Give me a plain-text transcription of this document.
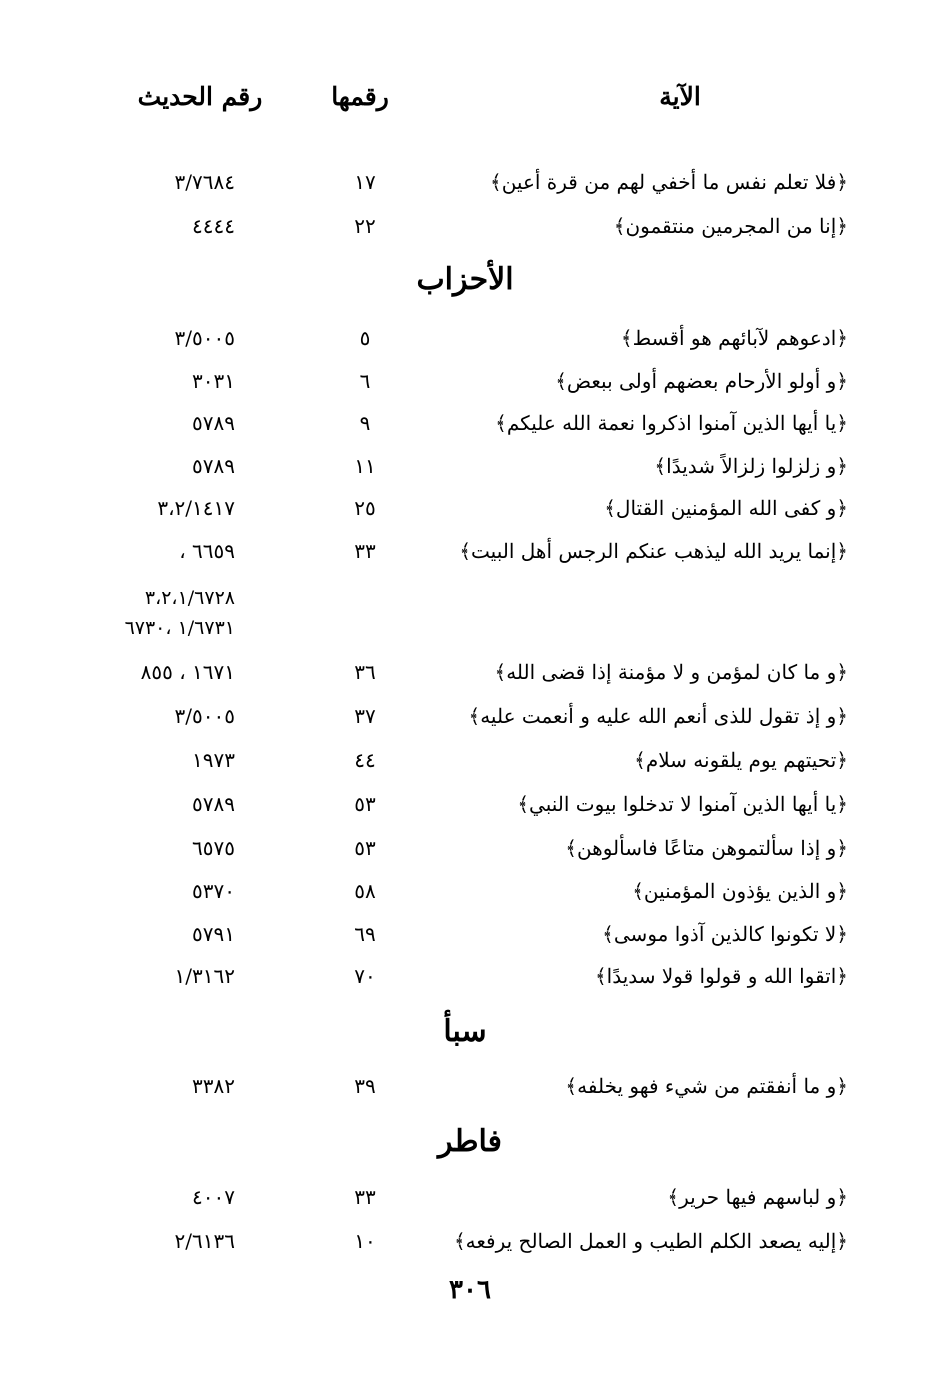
الآية
رقمها
رقم الحديث
﴿فلا تعلم نفس ما أخفي لهم من قرة أعين﴾
١٧
٣/٧٦٨٤
﴿إنا من المجرمين منتقمون﴾
٢٢
٤٤٤٤
الأحزاب
﴿ادعوهم لآبائهم هو أقسط﴾
٥
٣/٥٠٠٥
﴿و أولو الأرحام بعضهم أولى ببعض﴾
٦
٣٠٣١
﴿يا أيها الذين آمنوا اذكروا نعمة الله عليكم﴾
٩
٥٧٨٩
﴿و زلزلوا زلزالاً شديدًا﴾
١١
٥٧٨٩
﴿و كفى الله المؤمنين القتال﴾
٢٥
٣،٢/١٤١٧
﴿إنما يريد الله ليذهب عنكم الرجس أهل البيت﴾
٣٣
، ٦٦٥٩
٣،٢،١/٦٧٢٨
١/٦٧٣١ ،٦٧٣٠
﴿و ما كان لمؤمن و لا مؤمنة إذا قضى الله﴾
٣٦
١٦٧١ ، ٨٥٥
﴿و إذ تقول للذى أنعم الله عليه و أنعمت عليه﴾
٣٧
٣/٥٠٠٥
﴿تحيتهم يوم يلقونه سلام﴾
٤٤
١٩٧٣
﴿يا أيها الذين آمنوا لا تدخلوا بيوت النبي﴾
٥٣
٥٧٨٩
﴿و إذا سألتموهن متاعًا فاسألوهن﴾
٥٣
٦٥٧٥
﴿و الذين يؤذون المؤمنين﴾
٥٨
٥٣٧٠
﴿لا تكونوا كالذين آذوا موسى﴾
٦٩
٥٧٩١
﴿اتقوا الله و قولوا قولا سديدًا﴾
٧٠
١/٣١٦٢
سبأ
﴿و ما أنفقتم من شيء فهو يخلفه﴾
٣٩
٣٣٨٢
فاطر
﴿و لباسهم فيها حرير﴾
٣٣
٤٠٠٧
﴿إليه يصعد الكلم الطيب و العمل الصالح يرفعه﴾
١٠
٢/٦١٣٦
٣٠٦
